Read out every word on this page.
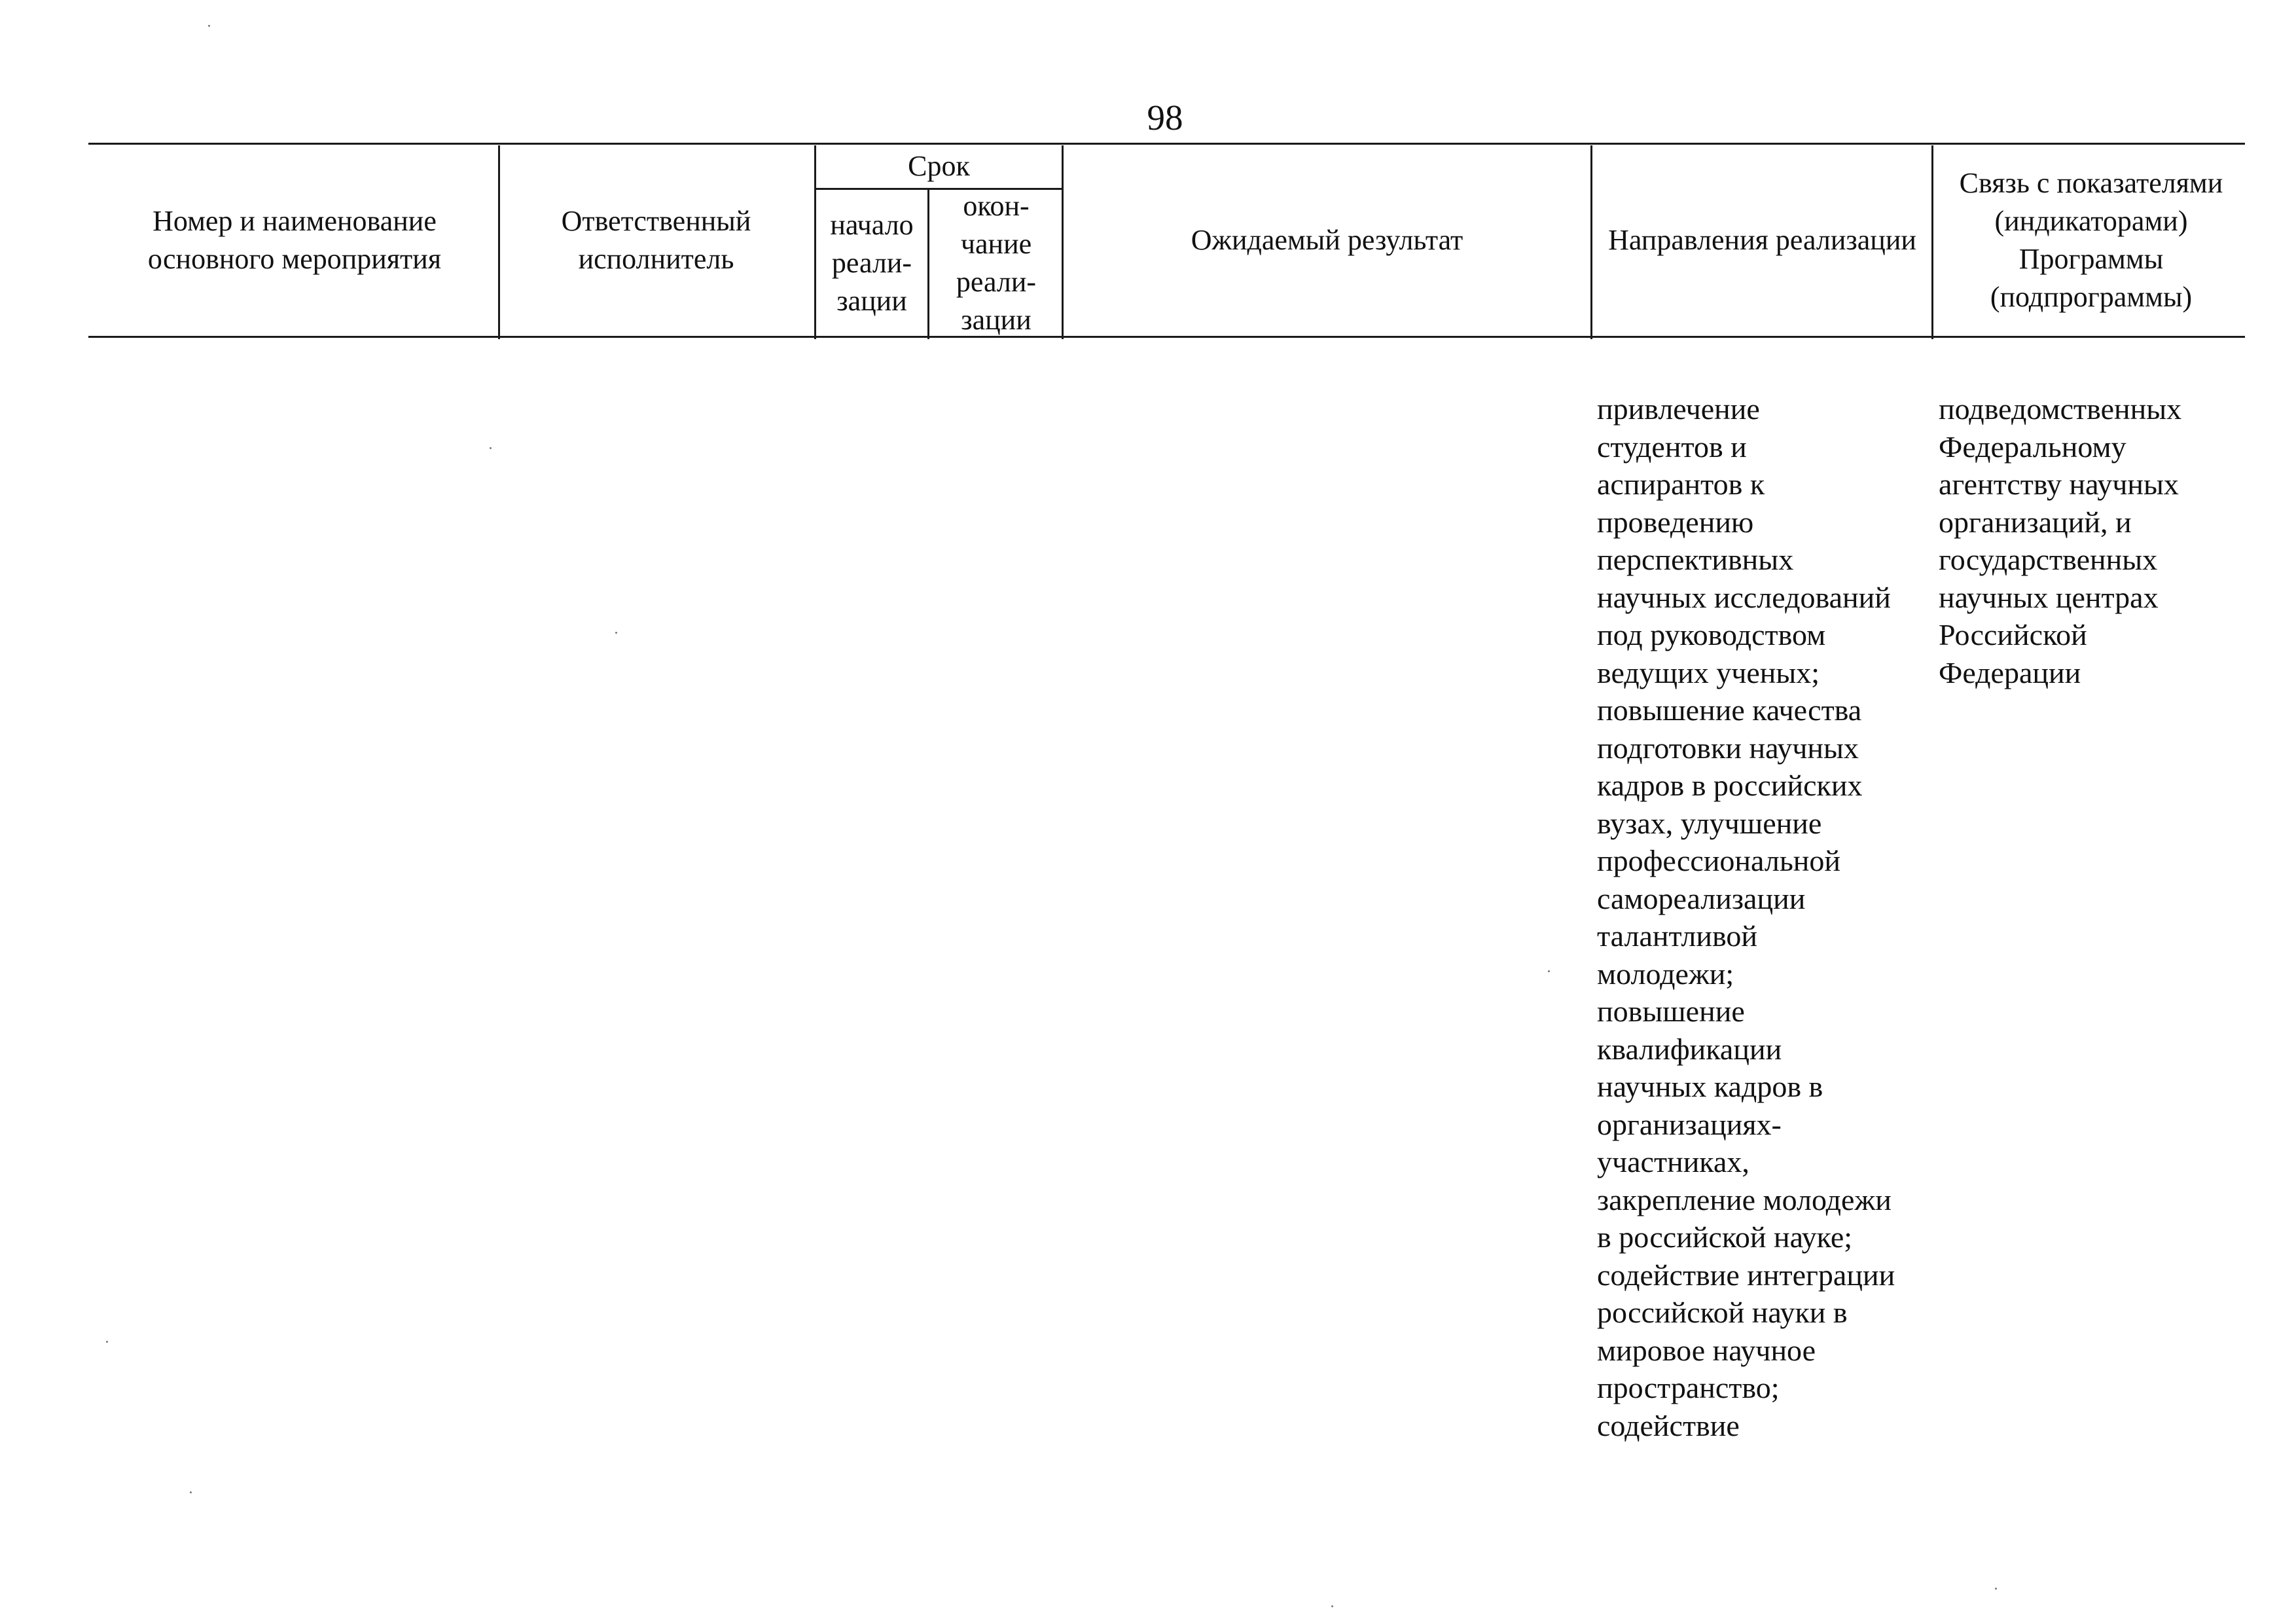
98
Номер и наименование основного мероприятия
Ответственный исполнитель
Срок
начало реали-зации
окон-чание реали-зации
Ожидаемый результат	Направления реализации
Связь с показателями (индикаторами) Программы (подпрограммы)
привлечение
студентов и
аспирантов к
проведению
перспективных
научных исследований
под руководством
ведущих ученых;
повышение качества
подготовки научных
кадров в российских
вузах, улучшение
профессиональной
самореализации
талантливой
молодежи;
повышение
квалификации
научных кадров в
организациях-
участниках,
закрепление молодежи
в российской науке;
содействие интеграции
российской науки в
мировое научное
пространство;
содействие
подведомственных
Федеральному
агентству научных
организаций, и
государственных
научных центрах
Российской
Федерации
